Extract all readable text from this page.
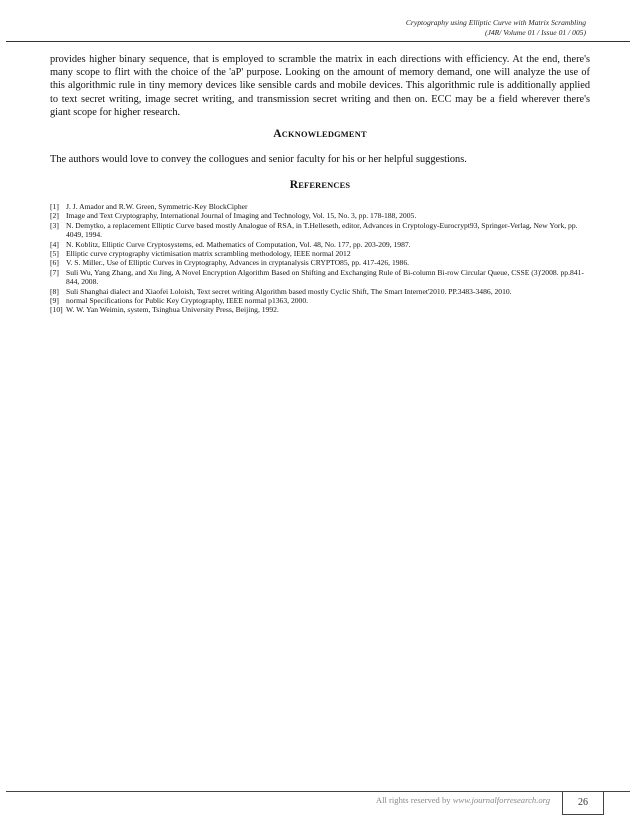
Cryptography using Elliptic Curve with Matrix Scrambling
(J4R/ Volume 01 / Issue 01 / 005)

provides higher binary sequence, that is employed to scramble the matrix in each directions with efficiency. At the end, there's many scope to flirt with the choice of the 'aP' purpose. Looking on the amount of memory demand, one will analyze the use of this algorithmic rule in tiny memory devices like sensible cards and mobile devices. This algorithmic rule is additionally applied to text secret writing, image secret writing, and transmission secret writing and then on. ECC may be a field wherever there's giant scope for higher research.

ACKNOWLEDGMENT

The authors would love to convey the collogues and senior faculty for his or her helpful suggestions.

REFERENCES
[1] J. J. Amador and R.W. Green, Symmetric-Key BlockCipher
[2] Image and Text Cryptography, International Journal of Imaging and Technology, Vol. 15, No. 3, pp. 178-188, 2005.
[3] N. Demytko, a replacement Elliptic Curve based mostly Analogue of RSA, in T.Helleseth, editor, Advances in Cryptology-Eurocrypt93, Springer-Verlag, New York, pp. 4049, 1994.
[4] N. Koblitz, Elliptic Curve Cryptosystems, ed. Mathematics of Computation, Vol. 48, No. 177, pp. 203-209, 1987.
[5] Elliptic curve cryptography victimisation matrix scrambling methodology, IEEE normal 2012
[6] V. S. Miller., Use of Elliptic Curves in Cryptography, Advances in cryptanalysis CRYPTO85, pp. 417-426, 1986.
[7] Suli Wu, Yang Zhang, and Xu Jing, A Novel Encryption Algorithm Based on Shifting and Exchanging Rule of Bi-column Bi-row Circular Queue, CSSE (3)'2008. pp.841-844, 2008.
[8] Suli Shanghai dialect and Xiaofei Loloish, Text secret writing Algorithm based mostly Cyclic Shift, The Smart Internet'2010. PP.3483-3486, 2010.
[9] normal Specifications for Public Key Cryptography, IEEE normal p1363, 2000.
[10] W. W. Yan Weimin, system, Tsinghua University Press, Beijing, 1992.
All rights reserved by www.journalforresearch.org	26
